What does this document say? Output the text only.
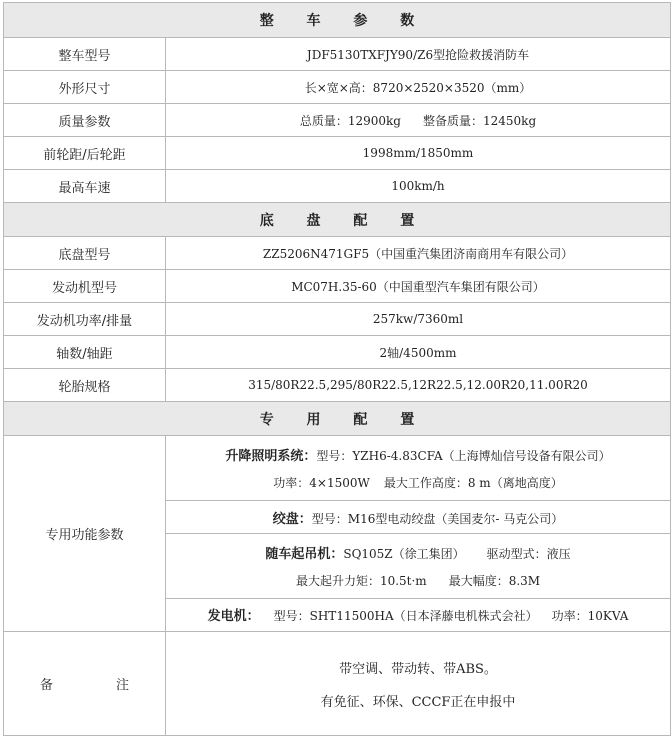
整 车 参 数
整车型号	JDF5130TXFJY90/Z6型抢险救援消防车
外形尺寸	长×宽×高：8720×2520×3520（mm）
质量参数	总质量：12900kg 整备质量：12450kg
前轮距/后轮距	1998mm/1850mm
最高车速	100km/h
底 盘 配 置
底盘型号	ZZ5206N471GF5（中国重汽集团济南商用车有限公司）
发动机型号	MC07H.35-60（中国重型汽车集团有限公司）
发动机功率/排量	257kw/7360ml
轴数/轴距	2轴/4500mm
轮胎规格	315/80R22.5,295/80R22.5,12R22.5,12.00R20,11.00R20
专 用 配 置
专用功能参数
升降照明系统：型号：YZH6-4.83CFA（上海博灿信号设备有限公司）
功率：4×1500W 最大工作高度：8 m（离地高度）
绞盘：型号：M16型电动绞盘（美国麦尔- 马克公司）
随车起吊机：SQ105Z（徐工集团） 驱动型式：液压
最大起升力矩：10.5t·m 最大幅度：8.3M
发电机： 型号：SHT11500HA（日本泽藤电机株式会社） 功率：10KVA
备	注
带空调、带动转、带ABS。
有免征、环保、CCCF正在申报中
